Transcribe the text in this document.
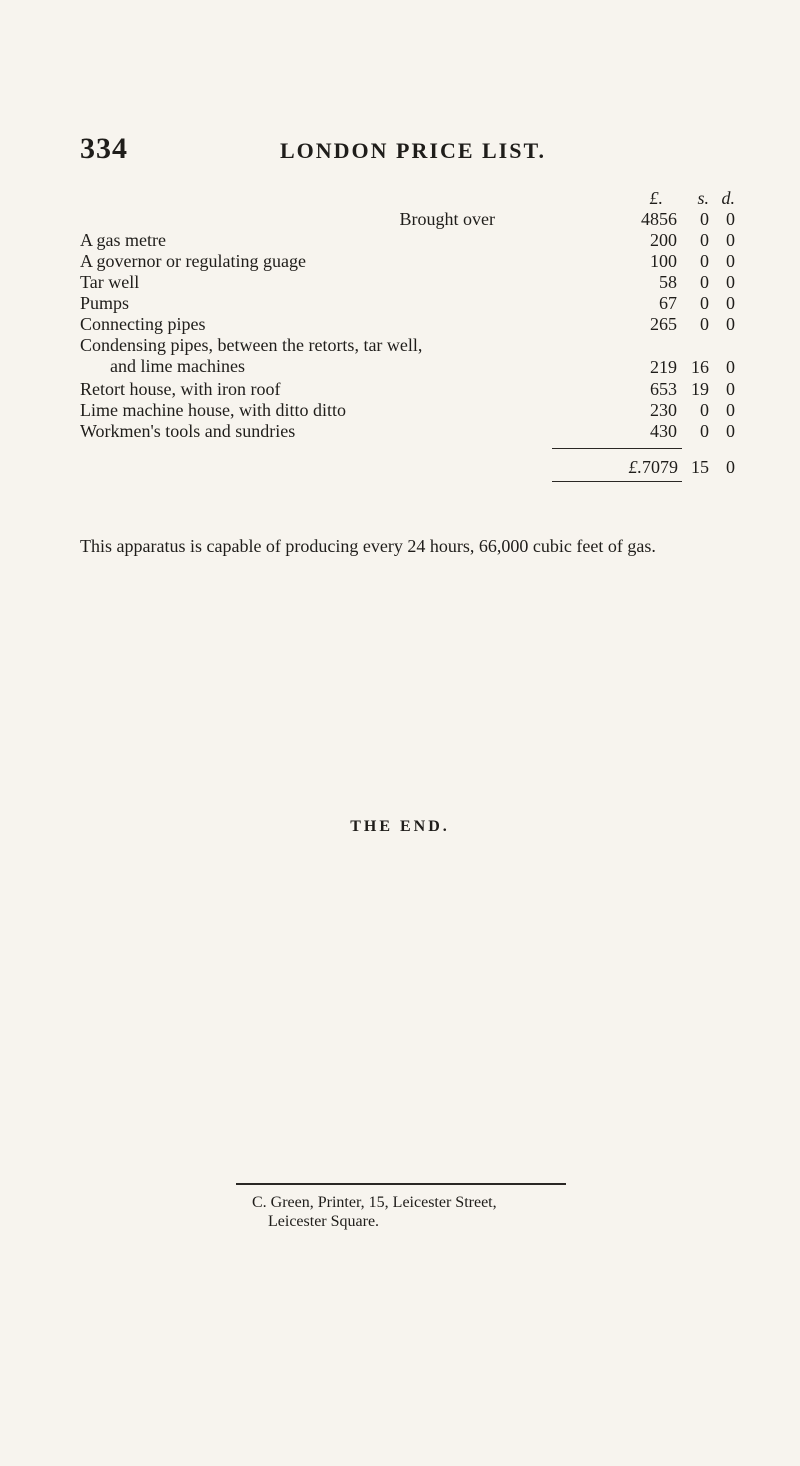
334	LONDON PRICE LIST.
£.	s. d.
Brought over	4856	0 0
A gas metre	200	0 0
A governor or regulating guage	100	0 0
Tar well	58	0 0
Pumps	67	0 0
Connecting pipes	265	0 0
Condensing pipes, between the retorts, tar well,
and lime machines	219 16 0
Retort house, with iron roof	653 19 0
Lime machine house, with ditto ditto	230	0 0
Workmen's tools and sundries	430	0 0
£.7079 15 0

This apparatus is capable of producing every 24 hours, 66,000 cubic feet of gas.

THE END.
C. Green, Printer, 15, Leicester Street,
Leicester Square.
